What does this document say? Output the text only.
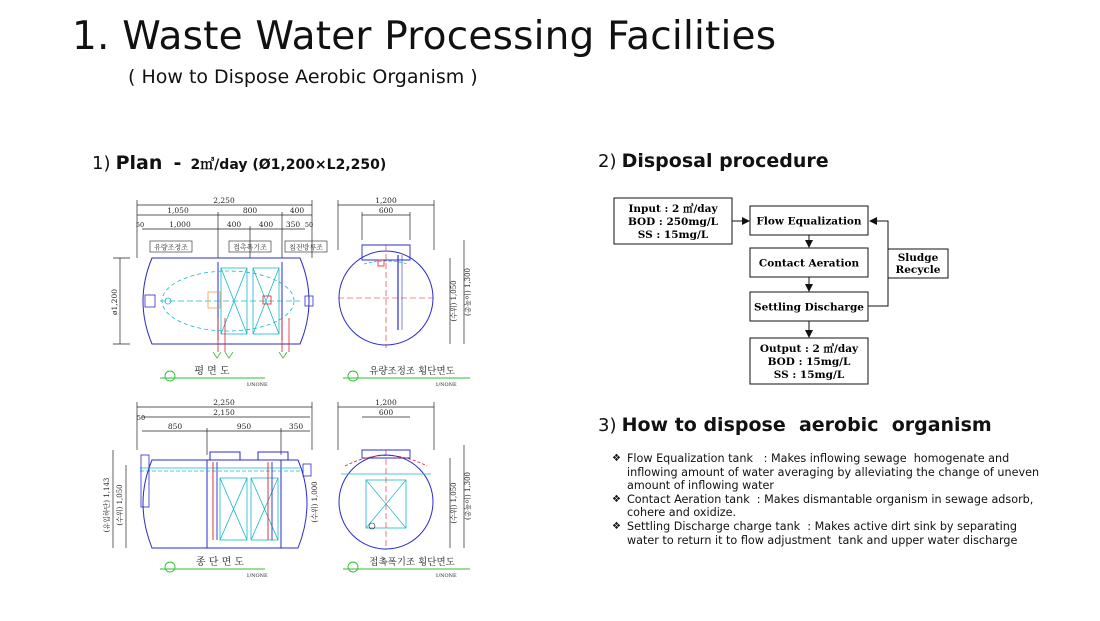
1. Waste Water Processing Facilities
( How to Dispose Aerobic Organism )
1) Plan - 2㎥/day (Ø1,200×L2,250)
2,250
1,050	800	400
1,000	400 400 350
50	50
유량조정조	접촉폭기조	침전방류조
ø1,200
1,200
600
(수위) 1,050 (총높이) 1,300
평 면 도
1/NONE
유량조정조 횡단면도
1/NONE
2,250
2,150
850	950	350
50
(유입하단) 1,143 (수위) 1,050	(수위) 1,000
1,200
600
(수위) 1,050 (총높이) 1,300
종 단 면 도
1/NONE
접촉폭기조 횡단면도
1/NONE
2) Disposal procedure
Input : 2 ㎥/day
BOD : 250mg/L
SS : 15mg/L
Flow Equalization
Contact Aeration
Settling Discharge
Sludge
Recycle
Output : 2 ㎥/day
BOD : 15mg/L
SS : 15mg/L
3) How to dispose  aerobic  organism
❖ Flow Equalization tank   : Makes inflowing sewage  homogenate and
inflowing amount of water averaging by alleviating the change of uneven
amount of inflowing water
❖ Contact Aeration tank  : Makes dismantable organism in sewage adsorb,
cohere and oxidize.
❖ Settling Discharge charge tank  : Makes active dirt sink by separating
water to return it to flow adjustment  tank and upper water discharge
